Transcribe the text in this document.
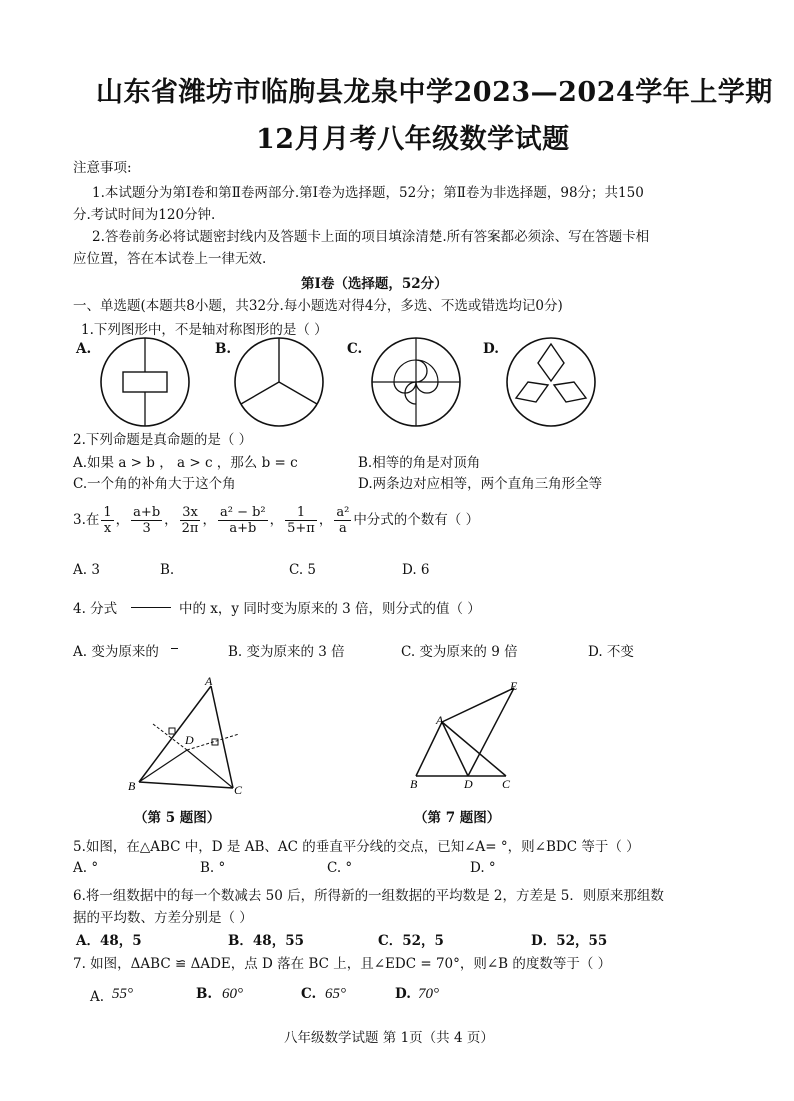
山东省潍坊市临朐县龙泉中学2023—2024学年上学期
12月月考八年级数学试题
注意事项:
1.本试题分为第Ⅰ卷和第Ⅱ卷两部分.第Ⅰ卷为选择题，52分；第Ⅱ卷为非选择题，98分；共150
分.考试时间为120分钟.
2.答卷前务必将试题密封线内及答题卡上面的项目填涂清楚.所有答案都必须涂、写在答题卡相
应位置，答在本试卷上一律无效.
第Ⅰ卷（选择题，52分）
一、单选题(本题共8小题，共32分.每小题选对得4分，多选、不选或错选均记0分)
1.下列图形中，不是轴对称图形的是（ ）
A.	B.	C.	D.
2.下列命题是真命题的是（ ）
A.如果 a > b ， a > c ，那么 b = c	B.相等的角是对顶角
C.一个角的补角大于这个角	D.两条边对应相等，两个直角三角形全等
3.在 $\frac{1}{x}$ ， $\frac{a+b}{3}$ ， $\frac{3x}{2\pi}$ ， $\frac{\text{a² − b²}}{a+b}$ ， $\frac{1}{5+\pi}$ ， $\frac{\text{a²}}{a}$ 中分式的个数有（ ）
A. 3	B.	C. 5	D. 6
4. 分式	中的 x，y 同时变为原来的 3 倍，则分式的值（ ）
A. 变为原来的	B. 变为原来的 3 倍	C. 变为原来的 9 倍	D. 不变
A
B	C
D
（第 5 题图）
E
A
B	D C
（第 7 题图）
5.如图，在△ABC 中，D 是 AB、AC 的垂直平分线的交点，已知∠A= °，则∠BDC 等于（ ）
A. °	B. °	C. °	D. °
6.将一组数据中的每一个数减去 50 后，所得新的一组数据的平均数是 2，方差是 5．则原来那组数
据的平均数、方差分别是（ ）
A．48，5	B．48，55	C．52，5	D．52，55
7. 如图，ΔABC ≌ ΔADE，点 D 落在 BC 上，且∠EDC = 70°，则∠B 的度数等于（ ）
A. 55°	B. 60°	C. 65°	D. 70°
八年级数学试题 第 1页（共 4 页）
